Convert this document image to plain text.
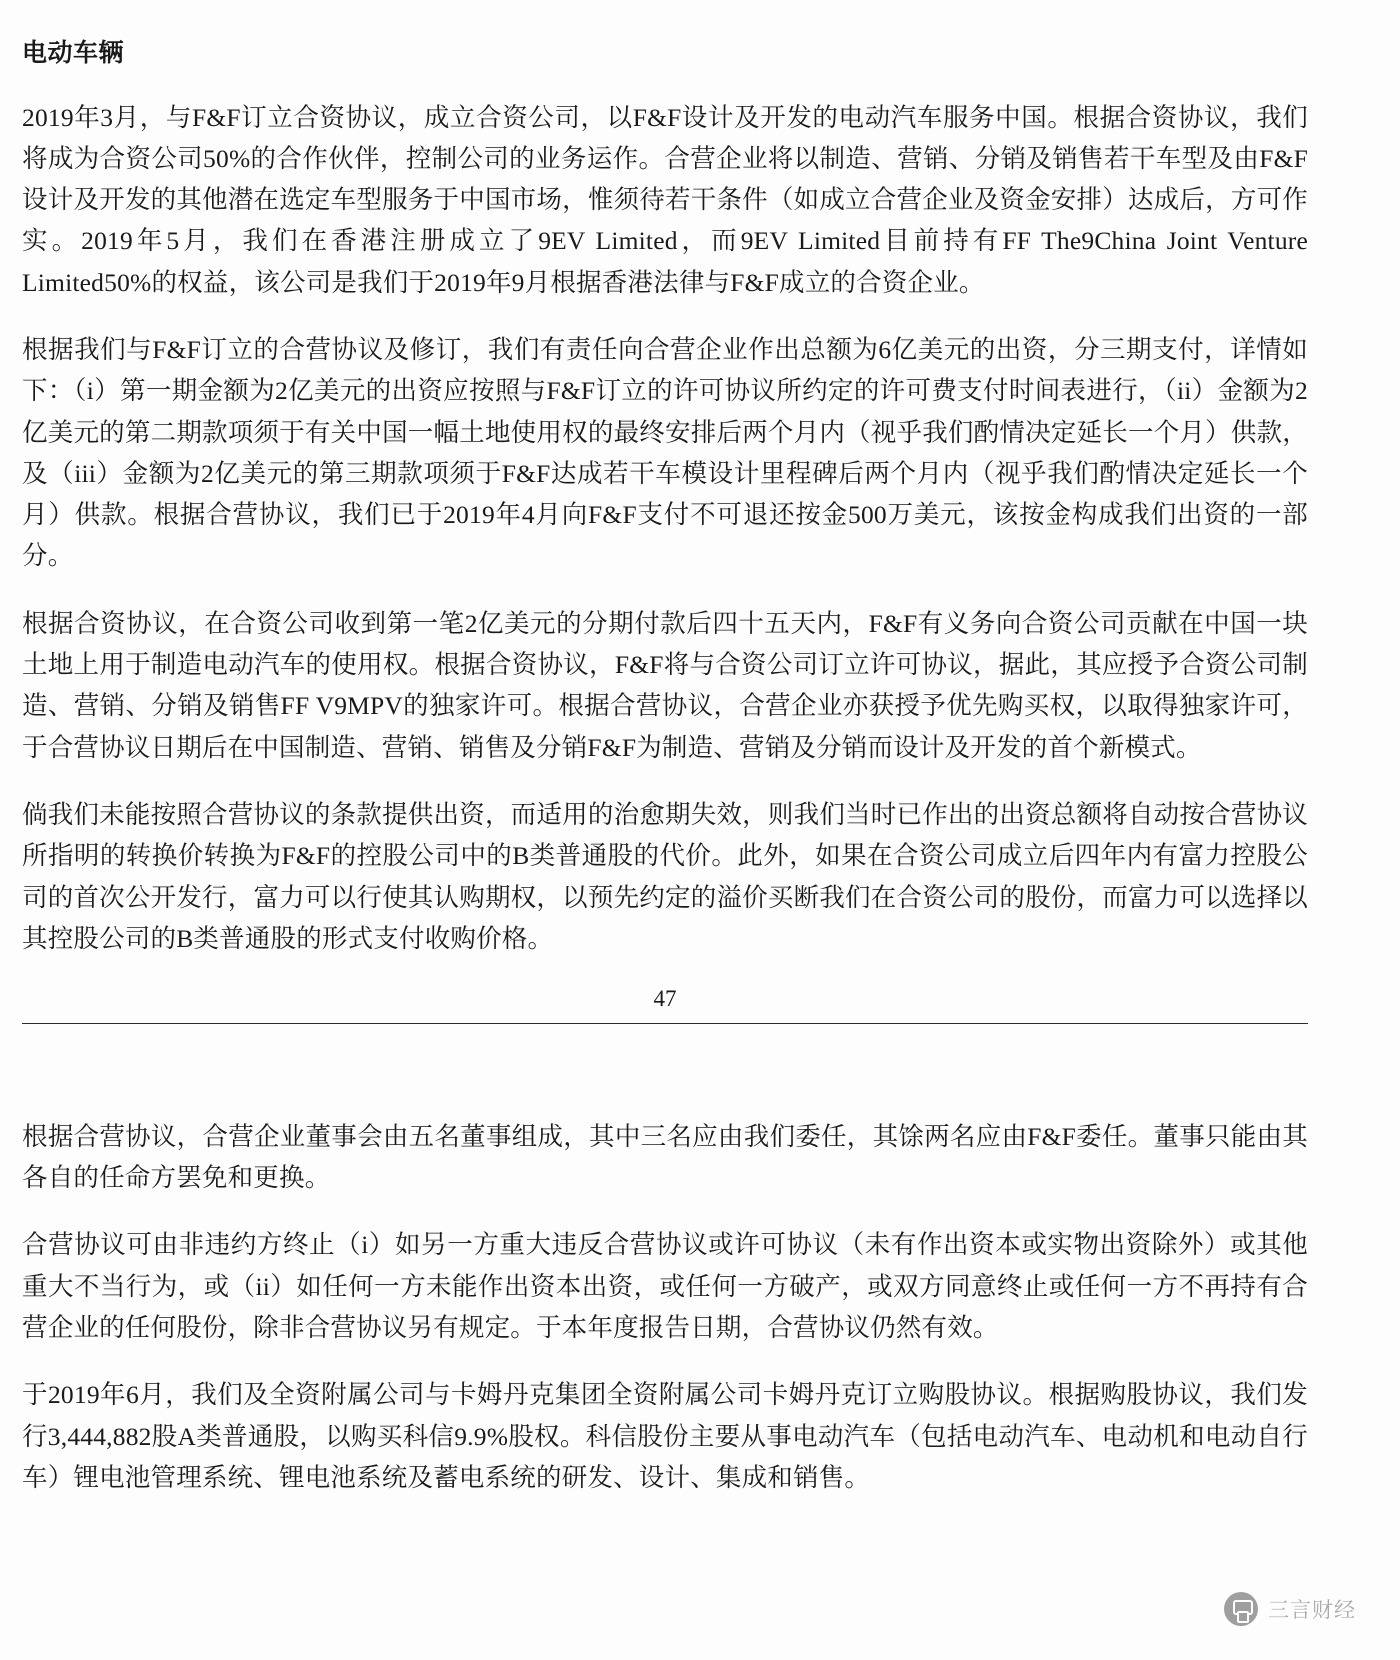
电动车辆

2019年3月，与F&F订立合资协议，成立合资公司，以F&F设计及开发的电动汽车服务中国。根据合资协议，我们将成为合资公司50%的合作伙伴，控制公司的业务运作。合营企业将以制造、营销、分销及销售若干车型及由F&F设计及开发的其他潜在选定车型服务于中国市场，惟须待若干条件（如成立合营企业及资金安排）达成后，方可作实。2019年5月，我们在香港注册成立了9EV Limited，而9EV Limited目前持有FF The9China Joint Venture Limited50%的权益，该公司是我们于2019年9月根据香港法律与F&F成立的合资企业。

根据我们与F&F订立的合营协议及修订，我们有责任向合营企业作出总额为6亿美元的出资，分三期支付，详情如下：（i）第一期金额为2亿美元的出资应按照与F&F订立的许可协议所约定的许可费支付时间表进行，（ii）金额为2亿美元的第二期款项须于有关中国一幅土地使用权的最终安排后两个月内（视乎我们酌情决定延长一个月）供款，及（iii）金额为2亿美元的第三期款项须于F&F达成若干车模设计里程碑后两个月内（视乎我们酌情决定延长一个月）供款。根据合营协议，我们已于2019年4月向F&F支付不可退还按金500万美元，该按金构成我们出资的一部分。

根据合资协议，在合资公司收到第一笔2亿美元的分期付款后四十五天内，F&F有义务向合资公司贡献在中国一块土地上用于制造电动汽车的使用权。根据合资协议，F&F将与合资公司订立许可协议，据此，其应授予合资公司制造、营销、分销及销售FF V9MPV的独家许可。根据合营协议，合营企业亦获授予优先购买权，以取得独家许可，于合营协议日期后在中国制造、营销、销售及分销F&F为制造、营销及分销而设计及开发的首个新模式。

倘我们未能按照合营协议的条款提供出资，而适用的治愈期失效，则我们当时已作出的出资总额将自动按合营协议所指明的转换价转换为F&F的控股公司中的B类普通股的代价。此外，如果在合资公司成立后四年内有富力控股公司的首次公开发行，富力可以行使其认购期权，以预先约定的溢价买断我们在合资公司的股份，而富力可以选择以其控股公司的B类普通股的形式支付收购价格。

47

根据合营协议，合营企业董事会由五名董事组成，其中三名应由我们委任，其馀两名应由F&F委任。董事只能由其各自的任命方罢免和更换。

合营协议可由非违约方终止（i）如另一方重大违反合营协议或许可协议（未有作出资本或实物出资除外）或其他重大不当行为，或（ii）如任何一方未能作出资本出资，或任何一方破产，或双方同意终止或任何一方不再持有合营企业的任何股份，除非合营协议另有规定。于本年度报告日期，合营协议仍然有效。

于2019年6月，我们及全资附属公司与卡姆丹克集团全资附属公司卡姆丹克订立购股协议。根据购股协议，我们发行3,444,882股A类普通股，以购买科信9.9%股权。科信股份主要从事电动汽车（包括电动汽车、电动机和电动自行车）锂电池管理系统、锂电池系统及蓄电系统的研发、设计、集成和销售。

三言财经
